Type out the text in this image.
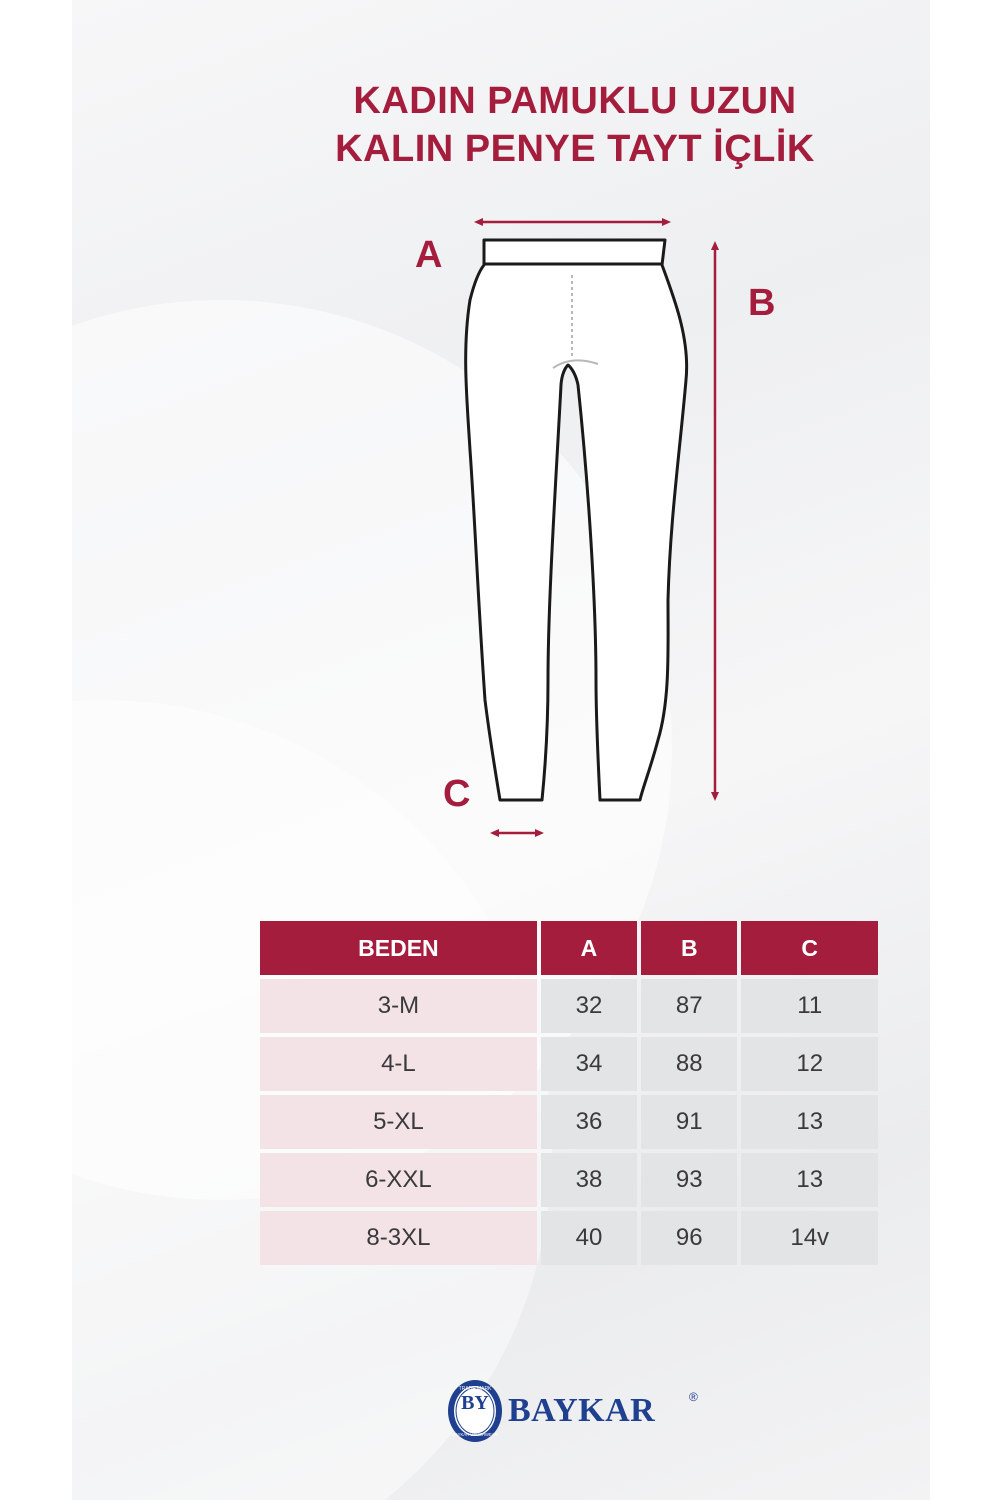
KADIN PAMUKLU UZUN
KALIN PENYE TAYT İÇLİK
A
B
C
BEDEN	A	B	C
3-M	32	87	11
4-L	34	88	12
5-XL	36	91	13
6-XXL	38	93	13
8-3XL	40	96	14v
BY
TRADE MARK
BAYKAR UNDERWEAR
BAYKAR	®
